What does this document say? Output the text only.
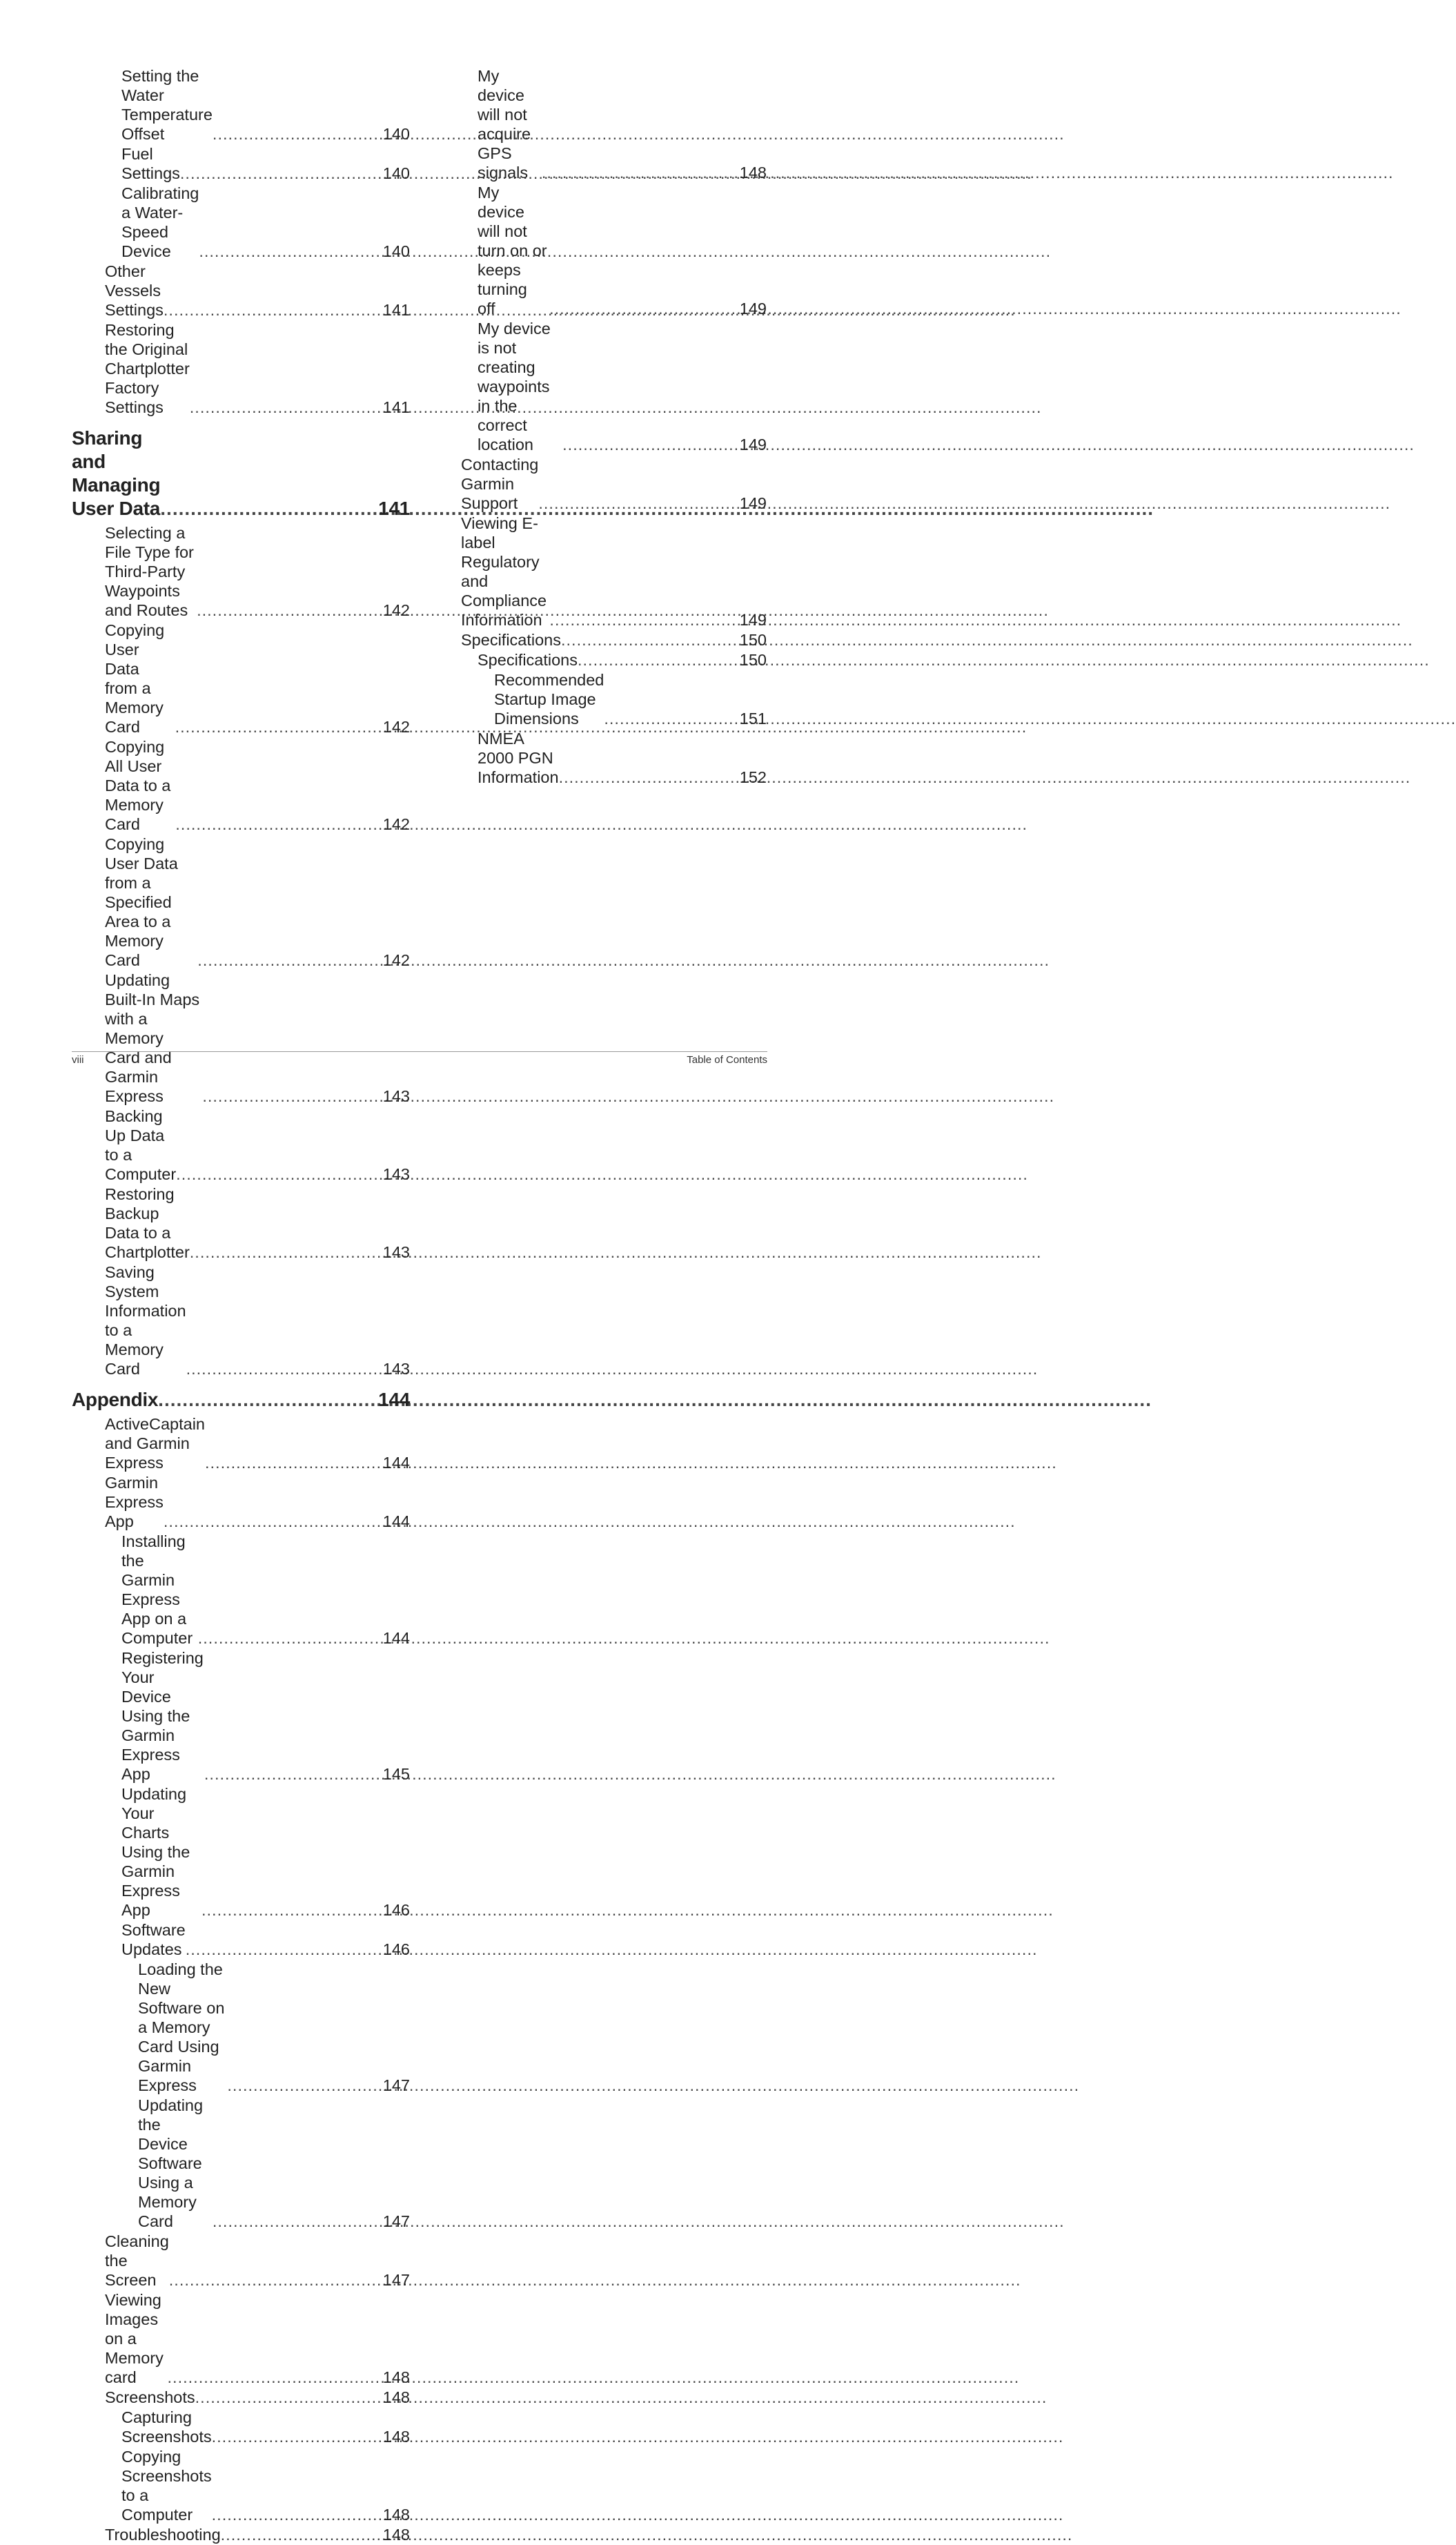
Setting the Water Temperature Offset .....	140
Fuel Settings .....	140
Calibrating a Water-Speed Device .....	140
Other Vessels Settings .....	141
Restoring the Original Chartplotter Factory Settings .....	141
Sharing and Managing User Data .....	141
Selecting a File Type for Third-Party Waypoints and Routes .....	142
Copying User Data from a Memory Card .....	142
Copying All User Data to a Memory Card .....	142
Copying User Data from a Specified Area to a Memory Card .....	142
Updating Built-In Maps with a Memory Card and Garmin Express .....	143
Backing Up Data to a Computer .....	143
Restoring Backup Data to a Chartplotter .....	143
Saving System Information to a Memory Card .....	143
Appendix .....	144
ActiveCaptain and Garmin Express .....	144
Garmin Express App .....	144
Installing the Garmin Express App on a Computer .....	144
Registering Your Device Using the Garmin Express App .....	145
Updating Your Charts Using the Garmin Express App .....	146
Software Updates .....	146
Loading the New Software on a Memory Card Using Garmin Express .....	147
Updating the Device Software Using a Memory Card .....	147
Cleaning the Screen .....	147
Viewing Images on a Memory card .....	148
Screenshots .....	148
Capturing Screenshots .....	148
Copying Screenshots to a Computer .....	148
Troubleshooting .....	148
My device will not acquire GPS signals .....	148
My device will not turn on or keeps turning off .....	149
My device is not creating waypoints in the correct location .....	149
Contacting Garmin Support .....	149
Viewing E-label Regulatory and Compliance Information .....	149
Specifications .....	150
Specifications .....	150
Recommended Startup Image Dimensions .....	151
NMEA 2000 PGN Information .....	152
viii	Table of Contents
